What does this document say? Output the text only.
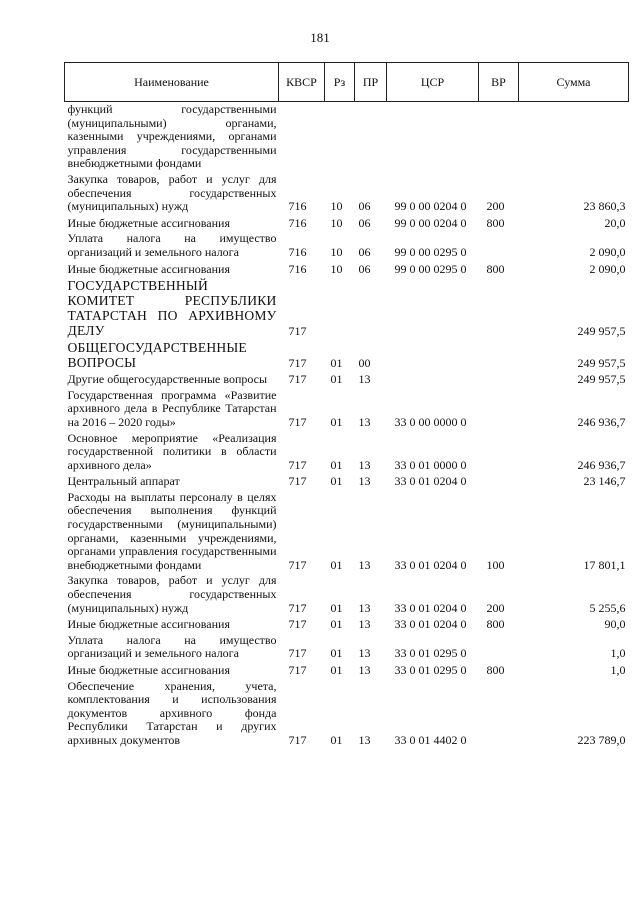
181
Наименование	КВСР	Рз	ПР	ЦСР	ВР	Сумма
функций государственными (муниципальными) органами, казенными учреждениями, органами управления государственными внебюджетными фондами						
Закупка товаров, работ и услуг для обеспечения государственных (муниципальных) нужд	716	10	06	99 0 00 0204 0	200	23 860,3
Иные бюджетные ассигнования	716	10	06	99 0 00 0204 0	800	20,0
Уплата налога на имущество организаций и земельного налога	716	10	06	99 0 00 0295 0		2 090,0
Иные бюджетные ассигнования	716	10	06	99 0 00 0295 0	800	2 090,0
ГОСУДАРСТВЕННЫЙ КОМИТЕТ РЕСПУБЛИКИ ТАТАРСТАН ПО АРХИВНОМУ ДЕЛУ	717					249 957,5
ОБЩЕГОСУДАРСТВЕННЫЕ ВОПРОСЫ	717	01	00			249 957,5
Другие общегосударственные вопросы	717	01	13			249 957,5
Государственная программа «Развитие архивного дела в Республике Татарстан на 2016 – 2020 годы»	717	01	13	33 0 00 0000 0		246 936,7
Основное мероприятие «Реализация государственной политики в области архивного дела»	717	01	13	33 0 01 0000 0		246 936,7
Центральный аппарат	717	01	13	33 0 01 0204 0		23 146,7
Расходы на выплаты персоналу в целях обеспечения выполнения функций государственными (муниципальными) органами, казенными учреждениями, органами управления государственными внебюджетными фондами	717	01	13	33 0 01 0204 0	100	17 801,1
Закупка товаров, работ и услуг для обеспечения государственных (муниципальных) нужд	717	01	13	33 0 01 0204 0	200	5 255,6
Иные бюджетные ассигнования	717	01	13	33 0 01 0204 0	800	90,0
Уплата налога на имущество организаций и земельного налога	717	01	13	33 0 01 0295 0		1,0
Иные бюджетные ассигнования	717	01	13	33 0 01 0295 0	800	1,0
Обеспечение хранения, учета, комплектования и использования документов архивного фонда Республики Татарстан и других архивных документов	717	01	13	33 0 01 4402 0		223 789,0
